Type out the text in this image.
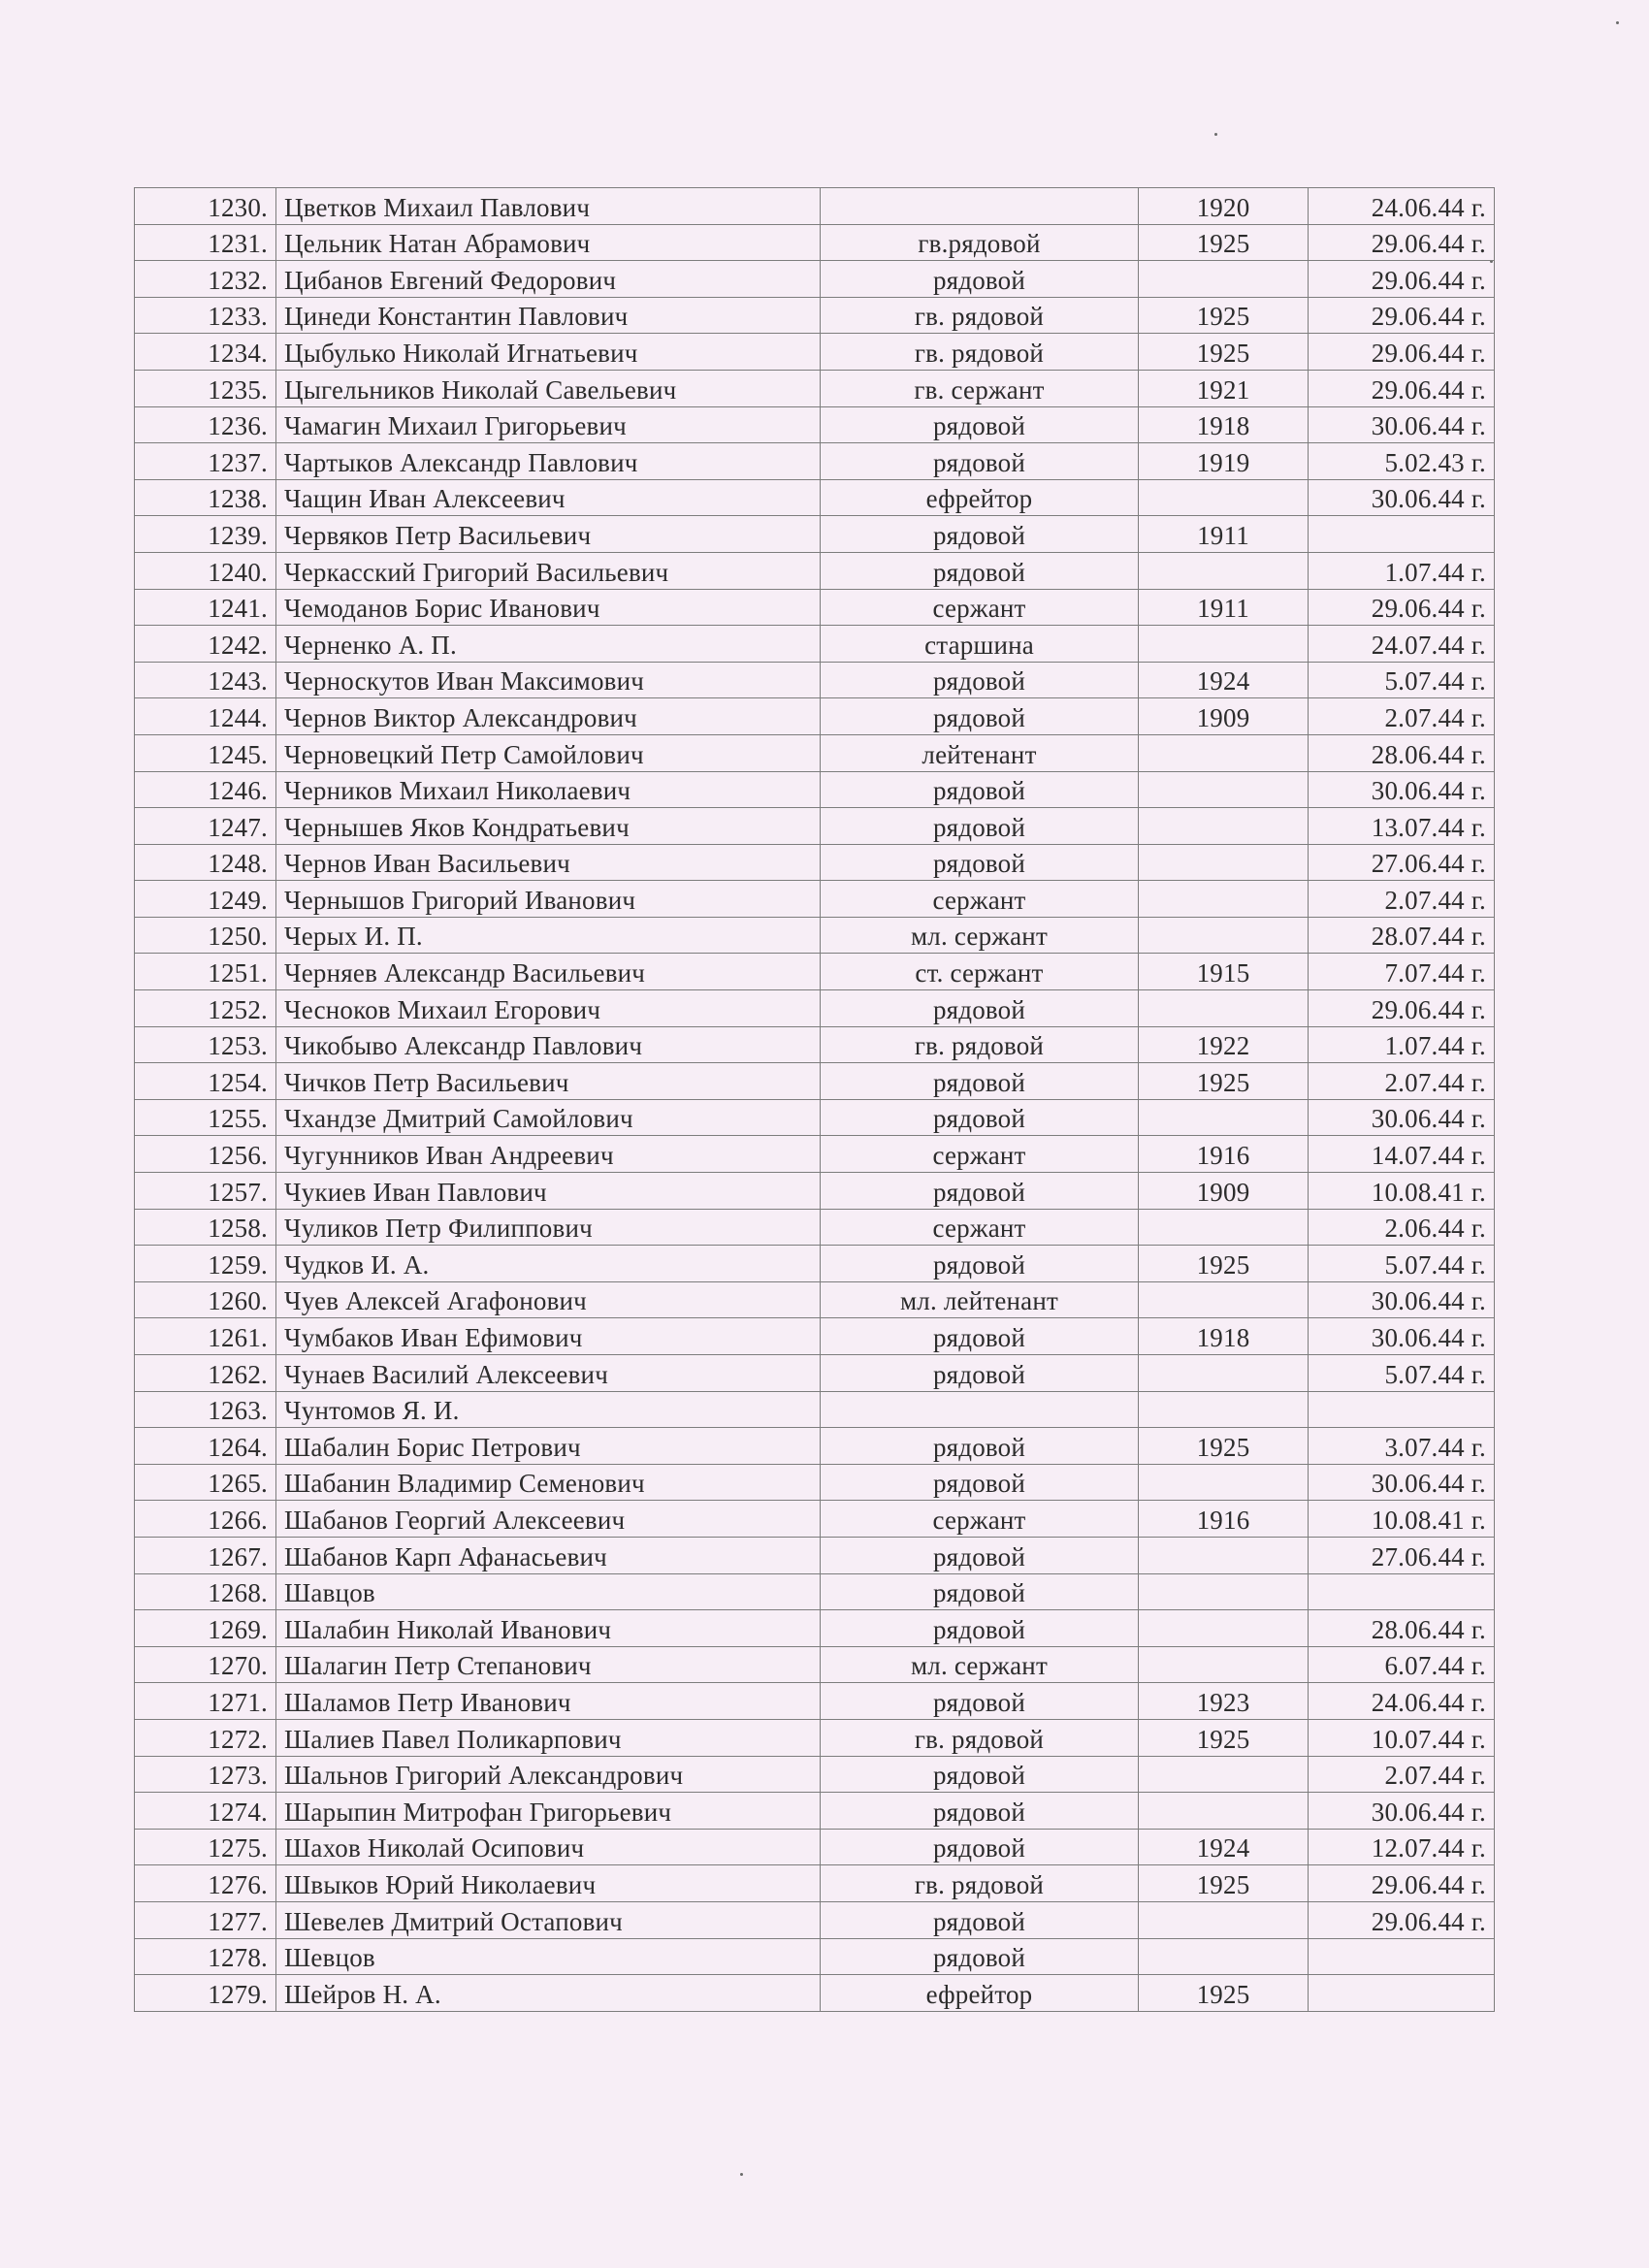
1230.	Цветков Михаил Павлович		1920	24.06.44 г.
1231.	Цельник Натан Абрамович	гв.рядовой	1925	29.06.44 г.
1232.	Цибанов Евгений Федорович	рядовой		29.06.44 г.
1233.	Цинеди Константин Павлович	гв. рядовой	1925	29.06.44 г.
1234.	Цыбулько Николай Игнатьевич	гв. рядовой	1925	29.06.44 г.
1235.	Цыгельников Николай Савельевич	гв. сержант	1921	29.06.44 г.
1236.	Чамагин Михаил Григорьевич	рядовой	1918	30.06.44 г.
1237.	Чартыков Александр Павлович	рядовой	1919	5.02.43 г.
1238.	Чащин Иван Алексеевич	ефрейтор		30.06.44 г.
1239.	Червяков Петр Васильевич	рядовой	1911	
1240.	Черкасский Григорий Васильевич	рядовой		1.07.44 г.
1241.	Чемоданов Борис Иванович	сержант	1911	29.06.44 г.
1242.	Черненко А. П.	старшина		24.07.44 г.
1243.	Черноскутов Иван Максимович	рядовой	1924	5.07.44 г.
1244.	Чернов Виктор Александрович	рядовой	1909	2.07.44 г.
1245.	Черновецкий Петр Самойлович	лейтенант		28.06.44 г.
1246.	Черников Михаил Николаевич	рядовой		30.06.44 г.
1247.	Чернышев Яков Кондратьевич	рядовой		13.07.44 г.
1248.	Чернов Иван Васильевич	рядовой		27.06.44 г.
1249.	Чернышов Григорий Иванович	сержант		2.07.44 г.
1250.	Черых И. П.	мл. сержант		28.07.44 г.
1251.	Черняев Александр Васильевич	ст. сержант	1915	7.07.44 г.
1252.	Чесноков Михаил Егорович	рядовой		29.06.44 г.
1253.	Чикобыво Александр Павлович	гв. рядовой	1922	1.07.44 г.
1254.	Чичков Петр Васильевич	рядовой	1925	2.07.44 г.
1255.	Чхандзе Дмитрий Самойлович	рядовой		30.06.44 г.
1256.	Чугунников Иван Андреевич	сержант	1916	14.07.44 г.
1257.	Чукиев Иван Павлович	рядовой	1909	10.08.41 г.
1258.	Чуликов Петр Филиппович	сержант		2.06.44 г.
1259.	Чудков И. А.	рядовой	1925	5.07.44 г.
1260.	Чуев Алексей Агафонович	мл. лейтенант		30.06.44 г.
1261.	Чумбаков Иван Ефимович	рядовой	1918	30.06.44 г.
1262.	Чунаев Василий Алексеевич	рядовой		5.07.44 г.
1263.	Чунтомов Я. И.			
1264.	Шабалин Борис Петрович	рядовой	1925	3.07.44 г.
1265.	Шабанин Владимир Семенович	рядовой		30.06.44 г.
1266.	Шабанов Георгий Алексеевич	сержант	1916	10.08.41 г.
1267.	Шабанов Карп Афанасьевич	рядовой		27.06.44 г.
1268.	Шавцов	рядовой		
1269.	Шалабин Николай Иванович	рядовой		28.06.44 г.
1270.	Шалагин Петр Степанович	мл. сержант		6.07.44 г.
1271.	Шаламов Петр Иванович	рядовой	1923	24.06.44 г.
1272.	Шалиев Павел Поликарпович	гв. рядовой	1925	10.07.44 г.
1273.	Шальнов Григорий Александрович	рядовой		2.07.44 г.
1274.	Шарыпин Митрофан Григорьевич	рядовой		30.06.44 г.
1275.	Шахов Николай Осипович	рядовой	1924	12.07.44 г.
1276.	Швыков Юрий Николаевич	гв. рядовой	1925	29.06.44 г.
1277.	Шевелев Дмитрий Остапович	рядовой		29.06.44 г.
1278.	Шевцов	рядовой		
1279.	Шейров Н. А.	ефрейтор	1925	
